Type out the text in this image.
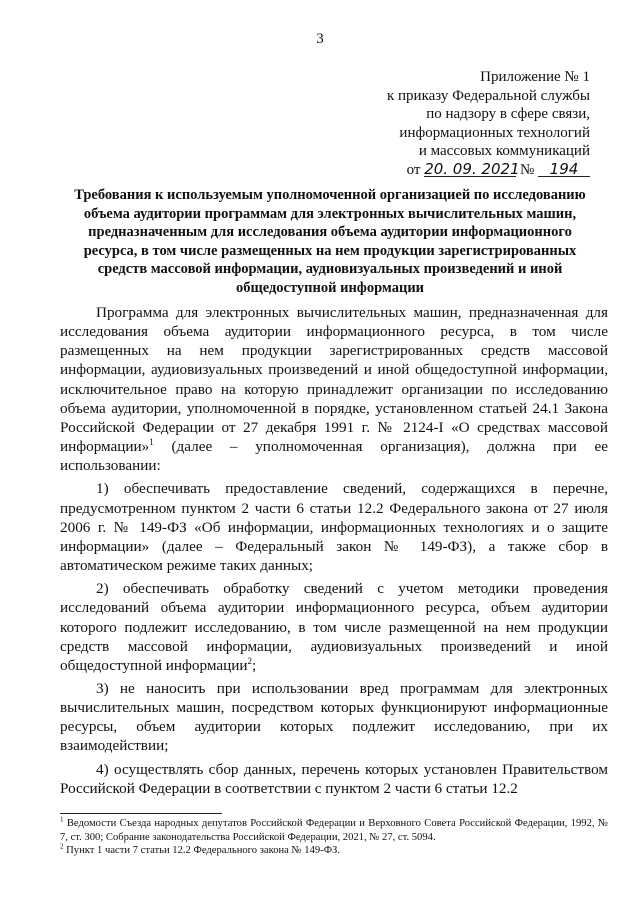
3
Приложение № 1
к приказу Федеральной службы
по надзору в сфере связи,
информационных технологий
и массовых коммуникаций
от 20. 09. 2021 № 194
Требования к используемым уполномоченной организацией по исследованию объема аудитории программам для электронных вычислительных машин, предназначенным для исследования объема аудитории информационного ресурса, в том числе размещенных на нем продукции зарегистрированных средств массовой информации, аудиовизуальных произведений и иной общедоступной информации

Программа для электронных вычислительных машин, предназначенная для исследования объема аудитории информационного ресурса, в том числе размещенных на нем продукции зарегистрированных средств массовой информации, аудиовизуальных произведений и иной общедоступной информации, исключительное право на которую принадлежит организации по исследованию объема аудитории, уполномоченной в порядке, установленном статьей 24.1 Закона Российской Федерации от 27 декабря 1991 г. № 2124-I «О средствах массовой информации»$^1$ (далее – уполномоченная организация), должна при ее использовании:

1) обеспечивать предоставление сведений, содержащихся в перечне, предусмотренном пунктом 2 части 6 статьи 12.2 Федерального закона от 27 июля 2006 г. № 149-ФЗ «Об информации, информационных технологиях и о защите информации» (далее – Федеральный закон № 149-ФЗ), а также сбор в автоматическом режиме таких данных;

2) обеспечивать обработку сведений с учетом методики проведения исследований объема аудитории информационного ресурса, объем аудитории которого подлежит исследованию, в том числе размещенной на нем продукции средств массовой информации, аудиовизуальных произведений и иной общедоступной информации$^2$;

3) не наносить при использовании вред программам для электронных вычислительных машин, посредством которых функционируют информационные ресурсы, объем аудитории которых подлежит исследованию, при их взаимодействии;

4) осуществлять сбор данных, перечень которых установлен Правительством Российской Федерации в соответствии с пунктом 2 части 6 статьи 12.2

$^1$ Ведомости Съезда народных депутатов Российской Федерации и Верховного Совета Российской Федерации, 1992, № 7, ст. 300; Собрание законодательства Российской Федерации, 2021, № 27, ст. 5094.

$^2$ Пункт 1 части 7 статьи 12.2 Федерального закона № 149-ФЗ.
